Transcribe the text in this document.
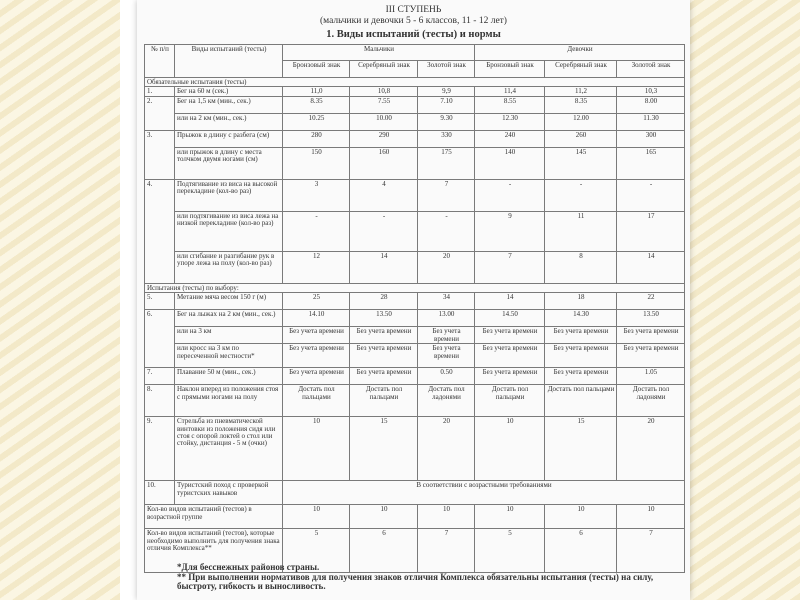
III СТУПЕНЬ
(мальчики и девочки 5 - 6 классов, 11 - 12 лет)
1. Виды испытаний (тесты) и нормы
№ п/п	Виды испытаний (тесты)	Мальчики			Девочки		
		Бронзовый знак	Серебряный знак	Золотой знак	Бронзовый знак	Серебряный знак	Золотой знак
Обязательные испытания (тесты)							
1.	Бег на 60 м (сек.)	11,0	10,8	9,9	11,4	11,2	10,3
2.	Бег на 1,5 км (мин., сек.)	8.35	7.55	7.10	8.55	8.35	8.00
	или на 2 км (мин., сек.)	10.25	10.00	9.30	12.30	12.00	11.30
3.	Прыжок в длину с разбега (см)	280	290	330	240	260	300
	или прыжок в длину с места толчком двумя ногами (см)	150	160	175	140	145	165
4.	Подтягивание из виса на высокой перекладине (кол-во раз)	3	4	7	-	-	-
	или подтягивание из виса лежа на низкой перекладине (кол-во раз)	-	-	-	9	11	17
	или сгибание и разгибание рук в упоре лежа на полу (кол-во раз)	12	14	20	7	8	14
Испытания (тесты) по выбору:							
5.	Метание мяча весом 150 г (м)	25	28	34	14	18	22
6.	Бег на лыжах на 2 км (мин., сек.)	14.10	13.50	13.00	14.50	14.30	13.50
	или на 3 км	Без учета времени	Без учета времени	Без учета времени	Без учета времени	Без учета времени	Без учета времени
	или кросс на 3 км по пересеченной местности*	Без учета времени	Без учета времени	Без учета времени	Без учета времени	Без учета времени	Без учета времени
7.	Плавание 50 м (мин., сек.)	Без учета времени	Без учета времени	0.50	Без учета времени	Без учета времени	1.05
8.	Наклон вперед из положения стоя с прямыми ногами на полу	Достать пол пальцами	Достать пол пальцами	Достать пол ладонями	Достать пол пальцами	Достать пол пальцами	Достать пол ладонями
9.	Стрельба из пневматической винтовки из положения сидя или стоя с опорой локтей о стол или стойку, дистанция - 5 м (очки)	10	15	20	10	15	20
10.	Туристский поход с проверкой туристских навыков	В соответствии с возрастными требованиями					
Кол-во видов испытаний (тестов) в возрастной группе		10	10	10	10	10	10
Кол-во видов испытаний (тестов), которые необходимо выполнить для получения знака отличия Комплекса**		5	6	7	5	6	7
*Для бесснежных районов страны.
** При выполнении нормативов для получения знаков отличия Комплекса обязательны испытания (тесты) на силу, быстроту, гибкость и выносливость.
